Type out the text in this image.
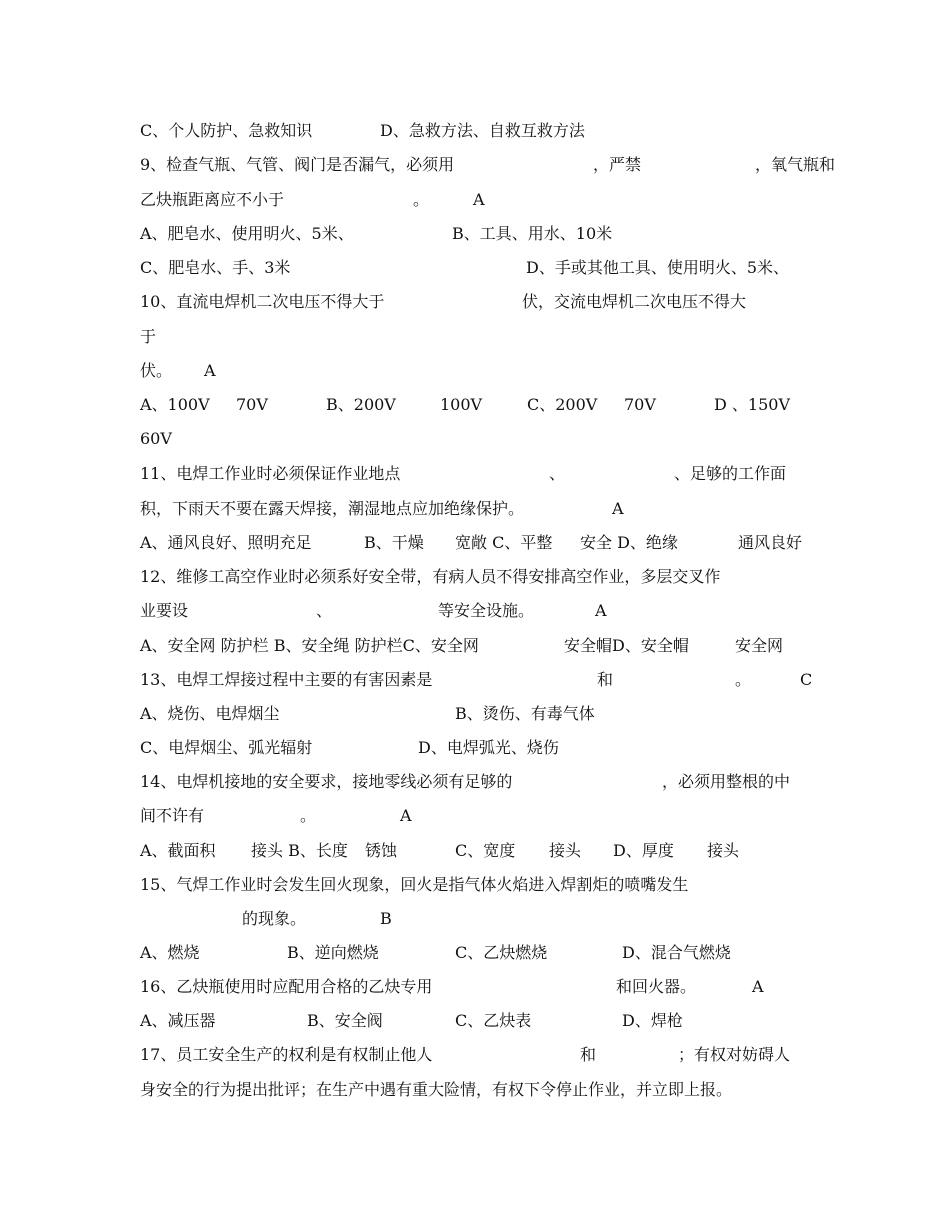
C、个人防护、急救知识	D、急救方法、自救互救方法
9、检查气瓶、气管、阀门是否漏气，必须用	，严禁	，氧气瓶和
乙炔瓶距离应不小于	。	A
A、肥皂水、使用明火、5米、	B、工具、用水、10米
C、肥皂水、手、3米	D、手或其他工具、使用明火、5米、
10、直流电焊机二次电压不得大于	伏，交流电焊机二次电压不得大
于
伏。 A
A、100V 70V	B、200V	100V	C、200V 70V	D 、150V
60V
11、电焊工作业时必须保证作业地点	、	、足够的工作面
积，下雨天不要在露天焊接，潮湿地点应加绝缘保护。	A
A、通风良好、照明充足	B、干燥 宽敞 C、平整 安全 D、绝缘	通风良好
12、维修工高空作业时必须系好安全带，有病人员不得安排高空作业，多层交叉作
业要设	、	等安全设施。	A
A、安全网 防护栏 B、安全绳 防护栏C、安全网	安全帽D、安全帽	安全网
13、电焊工焊接过程中主要的有害因素是	和	。	C
A、烧伤、电焊烟尘	B、烫伤、有毒气体
C、电焊烟尘、弧光辐射	D、电焊弧光、烧伤
14、电焊机接地的安全要求，接地零线必须有足够的	，必须用整根的中
间不许有	。	A
A、截面积 接头 B、长度 锈蚀	C、宽度 接头 D、厚度 接头
15、气焊工作业时会发生回火现象，回火是指气体火焰进入焊割炬的喷嘴发生
的现象。	B
A、燃烧	B、逆向燃烧	C、乙炔燃烧	D、混合气燃烧
16、乙炔瓶使用时应配用合格的乙炔专用	和回火器。	A
A、减压器	B、安全阀	C、乙炔表	D、焊枪
17、员工安全生产的权利是有权制止他人	和	；有权对妨碍人
身安全的行为提出批评；在生产中遇有重大险情，有权下令停止作业，并立即上报。
